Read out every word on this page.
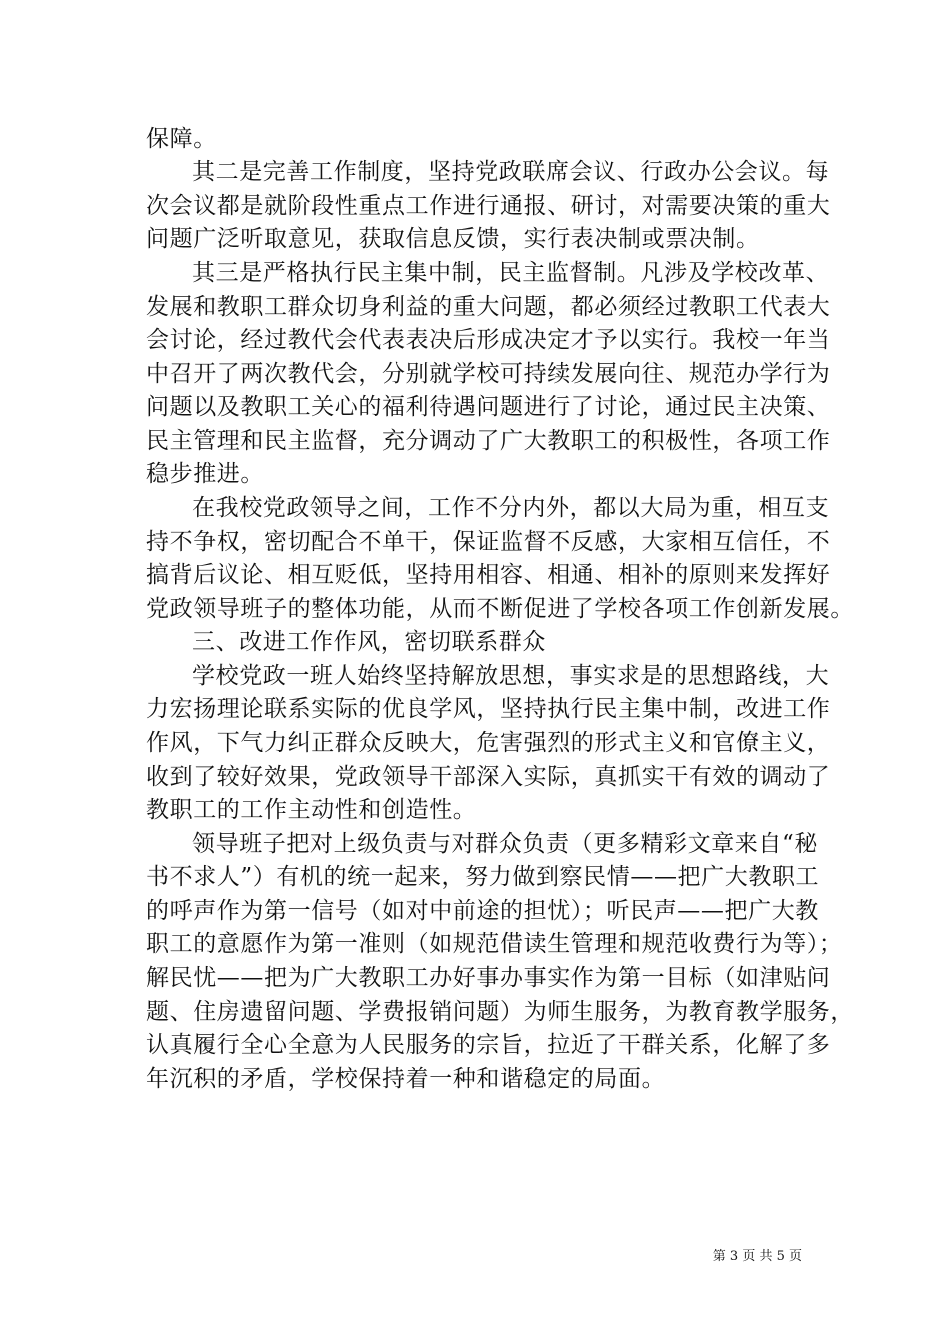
保障。
其二是完善工作制度，坚持党政联席会议、行政办公会议。每
次会议都是就阶段性重点工作进行通报、研讨，对需要决策的重大
问题广泛听取意见，获取信息反馈，实行表决制或票决制。
其三是严格执行民主集中制，民主监督制。凡涉及学校改革、
发展和教职工群众切身利益的重大问题，都必须经过教职工代表大
会讨论，经过教代会代表表决后形成决定才予以实行。我校一年当
中召开了两次教代会，分别就学校可持续发展向往、规范办学行为
问题以及教职工关心的福利待遇问题进行了讨论，通过民主决策、
民主管理和民主监督，充分调动了广大教职工的积极性，各项工作
稳步推进。
在我校党政领导之间，工作不分内外，都以大局为重，相互支
持不争权，密切配合不单干，保证监督不反感，大家相互信任，不
搞背后议论、相互贬低，坚持用相容、相通、相补的原则来发挥好
党政领导班子的整体功能，从而不断促进了学校各项工作创新发展。
三、改进工作作风，密切联系群众
学校党政一班人始终坚持解放思想，事实求是的思想路线，大
力宏扬理论联系实际的优良学风，坚持执行民主集中制，改进工作
作风，下气力纠正群众反映大，危害强烈的形式主义和官僚主义，
收到了较好效果，党政领导干部深入实际，真抓实干有效的调动了
教职工的工作主动性和创造性。
领导班子把对上级负责与对群众负责（更多精彩文章来自“秘
书不求人”）有机的统一起来，努力做到察民情——把广大教职工
的呼声作为第一信号（如对中前途的担忧）；听民声——把广大教
职工的意愿作为第一准则（如规范借读生管理和规范收费行为等）；
解民忧——把为广大教职工办好事办事实作为第一目标（如津贴问
题、住房遗留问题、学费报销问题）为师生服务，为教育教学服务，
认真履行全心全意为人民服务的宗旨，拉近了干群关系，化解了多
年沉积的矛盾，学校保持着一种和谐稳定的局面。
第 3 页 共 5 页
